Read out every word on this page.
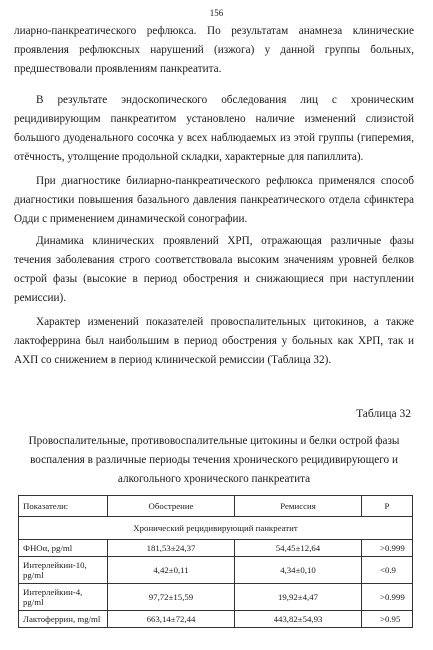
156
лиарно-панкреатического рефлюкса. По результатам анамнеза клинические проявления рефлюксных нарушений (изжога) у данной группы больных, предшествовали проявлениям панкреатита.
В результате эндоскопического обследования лиц с хроническим рецидивирующим панкреатитом установлено наличие изменений слизистой большого дуоденального сосочка у всех наблюдаемых из этой группы (гиперемия, отёчность, утолщение продольной складки, характерные для папиллита).
При диагностике билиарно-панкреатического рефлюкса применялся способ диагностики повышения базального давления панкреатического отдела сфинктера Одди с применением динамической сонографии.
Динамика клинических проявлений ХРП, отражающая различные фазы течения заболевания строго соответствовала высоким значениям уровней белков острой фазы (высокие в период обострения и снижающиеся при наступлении ремиссии).
Характер изменений показателей провоспалительных цитокинов, а также лактоферрина был наибольшим в период обострения у больных как ХРП, так и АХП со снижением в период клинической ремиссии (Таблица 32).
Таблица 32
Провоспалительные, противовоспалительные цитокины и белки острой фазы воспаления в различные периоды течения хронического рецидивирующего и алкогольного хронического панкреатита
Показатели:	Обострение	Ремиссия	P
Хронический рецидивирующий панкреатит			
ФНОα, pg/ml	181,53±24,37	54,45±12,64	>0.999
Интерлейкин-10, pg/ml	4,42±0,11	4,34±0,10	<0.9
Интерлейкин-4, pg/ml	97,72±15,59	19,92±4,47	>0.999
Лактоферрин, mg/ml	663,14±72,44	443,82±54,93	>0.95
